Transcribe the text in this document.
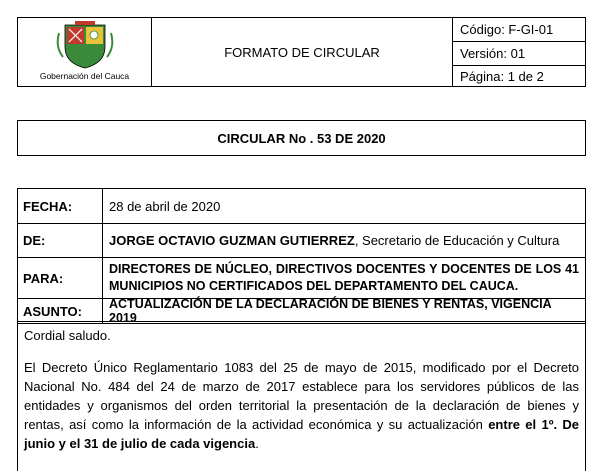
Gobernación del Cauca
FORMATO DE CIRCULAR
Código: F-GI-01
Versión: 01
Página: 1 de 2
CIRCULAR No . 53 DE 2020
FECHA:	28 de abril de 2020
DE:	JORGE OCTAVIO GUZMAN GUTIERREZ, Secretario de Educación y Cultura
PARA:
DIRECTORES DE NÚCLEO, DIRECTIVOS DOCENTES Y DOCENTES DE LOS 41 MUNICIPIOS NO CERTIFICADOS DEL DEPARTAMENTO DEL CAUCA.
ASUNTO:	ACTUALIZACIÓN DE LA DECLARACIÓN DE BIENES Y RENTAS, VIGENCIA 2019

Cordial saludo.

El Decreto Único Reglamentario 1083 del 25 de mayo de 2015, modificado por el Decreto Nacional No. 484 del 24 de marzo de 2017 establece para los servidores públicos de las entidades y organismos del orden territorial la presentación de la declaración de bienes y rentas, así como la información de la actividad económica y su actualización entre el 1º. De junio y el 31 de julio de cada vigencia.
